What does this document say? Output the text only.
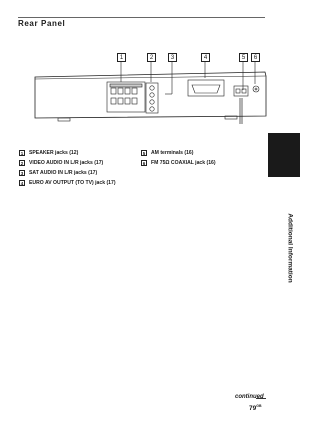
Rear Panel
1	2	3	4	5	6
1	SPEAKER jacks (12)
2	VIDEO AUDIO IN L/R jacks (17)
3	SAT AUDIO IN L/R jacks (17)
4	EURO AV OUTPUT (TO TV) jack (17)
5	AM terminals (16)
6	FM 75Ω COAXIAL jack (16)
Additional Information
continued
$79^{GB}$
